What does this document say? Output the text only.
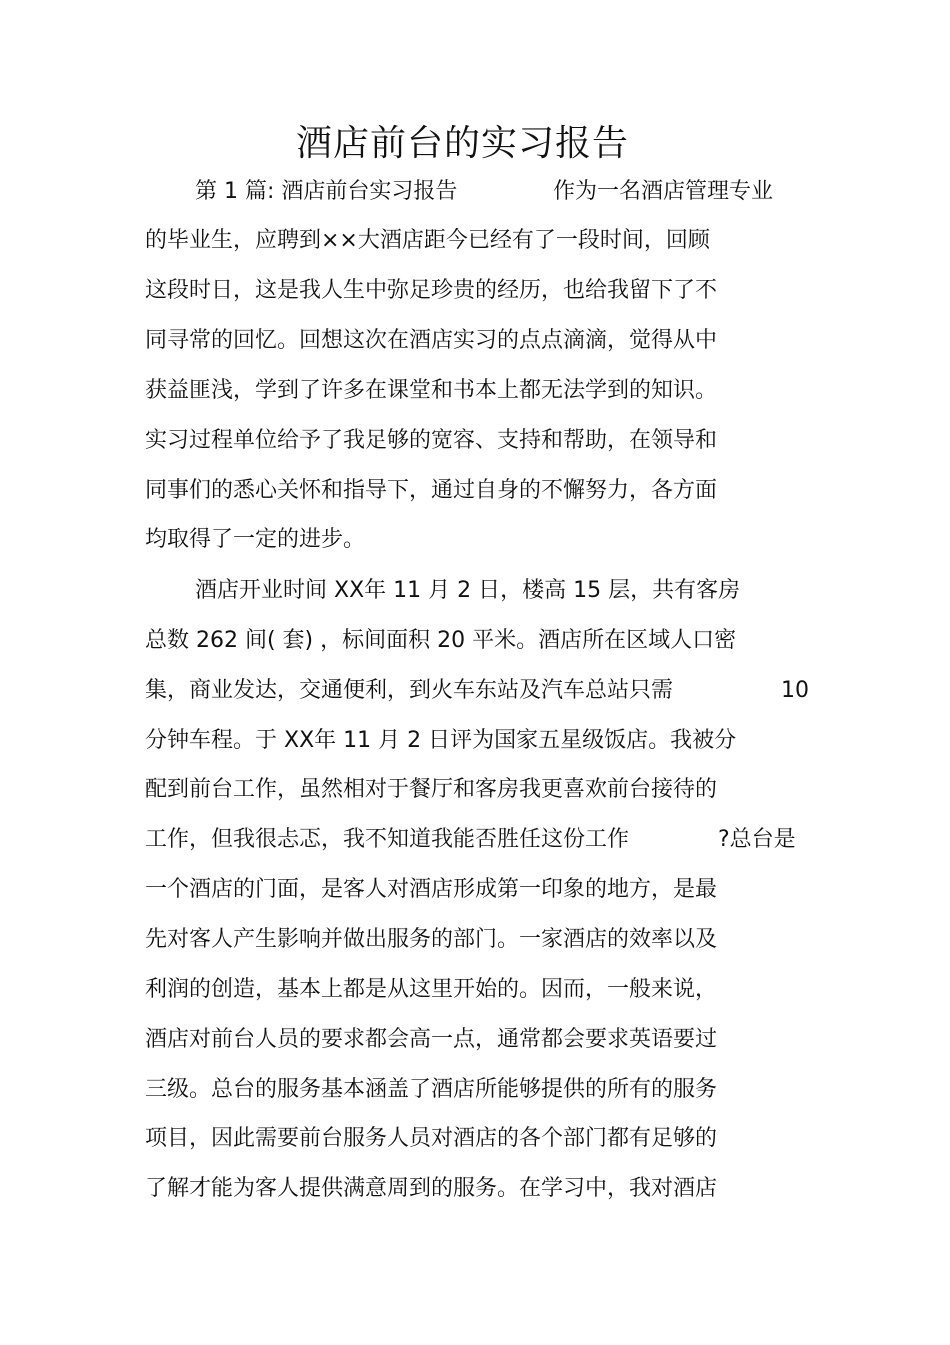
酒店前台的实习报告
第 1 篇: 酒店前台实习报告	作为一名酒店管理专业
的毕业生，应聘到××大酒店距今已经有了一段时间，回顾
这段时日，这是我人生中弥足珍贵的经历，也给我留下了不
同寻常的回忆。回想这次在酒店实习的点点滴滴，觉得从中
获益匪浅，学到了许多在课堂和书本上都无法学到的知识。
实习过程单位给予了我足够的宽容、支持和帮助，在领导和
同事们的悉心关怀和指导下，通过自身的不懈努力，各方面
均取得了一定的进步。
酒店开业时间 XX年 11 月 2 日，楼高 15 层，共有客房
总数 262 间( 套) ，标间面积 20 平米。酒店所在区域人口密
集，商业发达，交通便利，到火车东站及汽车总站只需	10
分钟车程。于 XX年 11 月 2 日评为国家五星级饭店。我被分
配到前台工作，虽然相对于餐厅和客房我更喜欢前台接待的
工作，但我很忐忑，我不知道我能否胜任这份工作	?总台是
一个酒店的门面，是客人对酒店形成第一印象的地方，是最
先对客人产生影响并做出服务的部门。一家酒店的效率以及
利润的创造，基本上都是从这里开始的。因而，一般来说，
酒店对前台人员的要求都会高一点，通常都会要求英语要过
三级。总台的服务基本涵盖了酒店所能够提供的所有的服务
项目，因此需要前台服务人员对酒店的各个部门都有足够的
了解才能为客人提供满意周到的服务。在学习中，我对酒店
